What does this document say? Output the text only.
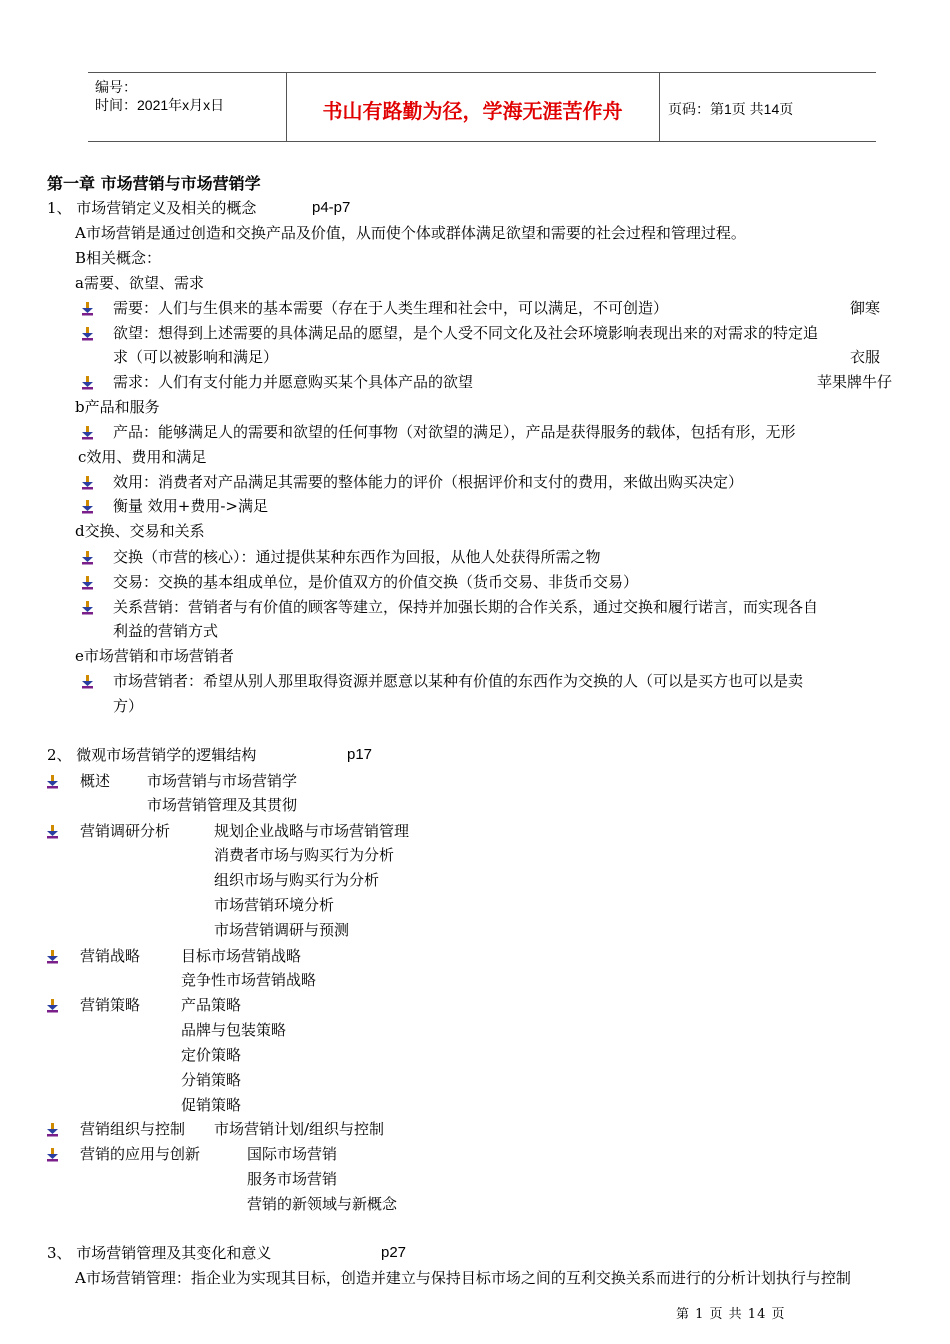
编号：
时间：2021年x月x日	书山有路勤为径，学海无涯苦作舟	页码：第1页 共14页
第一章 市场营销与市场营销学
1、 市场营销定义及相关的概念	p4-p7
A市场营销是通过创造和交换产品及价值，从而使个体或群体满足欲望和需要的社会过程和管理过程。
B相关概念：
a需要、欲望、需求
需要：人们与生俱来的基本需要（存在于人类生理和社会中，可以满足，不可创造）	御寒
欲望：想得到上述需要的具体满足品的愿望，是个人受不同文化及社会环境影响表现出来的对需求的特定追
求（可以被影响和满足）	衣服
需求：人们有支付能力并愿意购买某个具体产品的欲望	苹果牌牛仔
b产品和服务
产品：能够满足人的需要和欲望的任何事物（对欲望的满足），产品是获得服务的载体，包括有形，无形
c效用、费用和满足
效用：消费者对产品满足其需要的整体能力的评价（根据评价和支付的费用，来做出购买决定）
衡量 效用+费用->满足
d交换、交易和关系
交换（市营的核心）：通过提供某种东西作为回报，从他人处获得所需之物
交易：交换的基本组成单位，是价值双方的价值交换（货币交易、非货币交易）
关系营销：营销者与有价值的顾客等建立，保持并加强长期的合作关系，通过交换和履行诺言，而实现各自
利益的营销方式
e市场营销和市场营销者
市场营销者：希望从别人那里取得资源并愿意以某种有价值的东西作为交换的人（可以是买方也可以是卖
方）
2、 微观市场营销学的逻辑结构	p17
概述 市场营销与市场营销学
市场营销管理及其贯彻
营销调研分析	规划企业战略与市场营销管理
消费者市场与购买行为分析
组织市场与购买行为分析
市场营销环境分析
市场营销调研与预测
营销战略	目标市场营销战略
竞争性市场营销战略
营销策略	产品策略
品牌与包装策略
定价策略
分销策略
促销策略
营销组织与控制 市场营销计划/组织与控制
营销的应用与创新	国际市场营销
服务市场营销
营销的新领域与新概念
3、 市场营销管理及其变化和意义	p27
A市场营销管理：指企业为实现其目标，创造并建立与保持目标市场之间的互利交换关系而进行的分析计划执行与控制
第 1 页 共 14 页
